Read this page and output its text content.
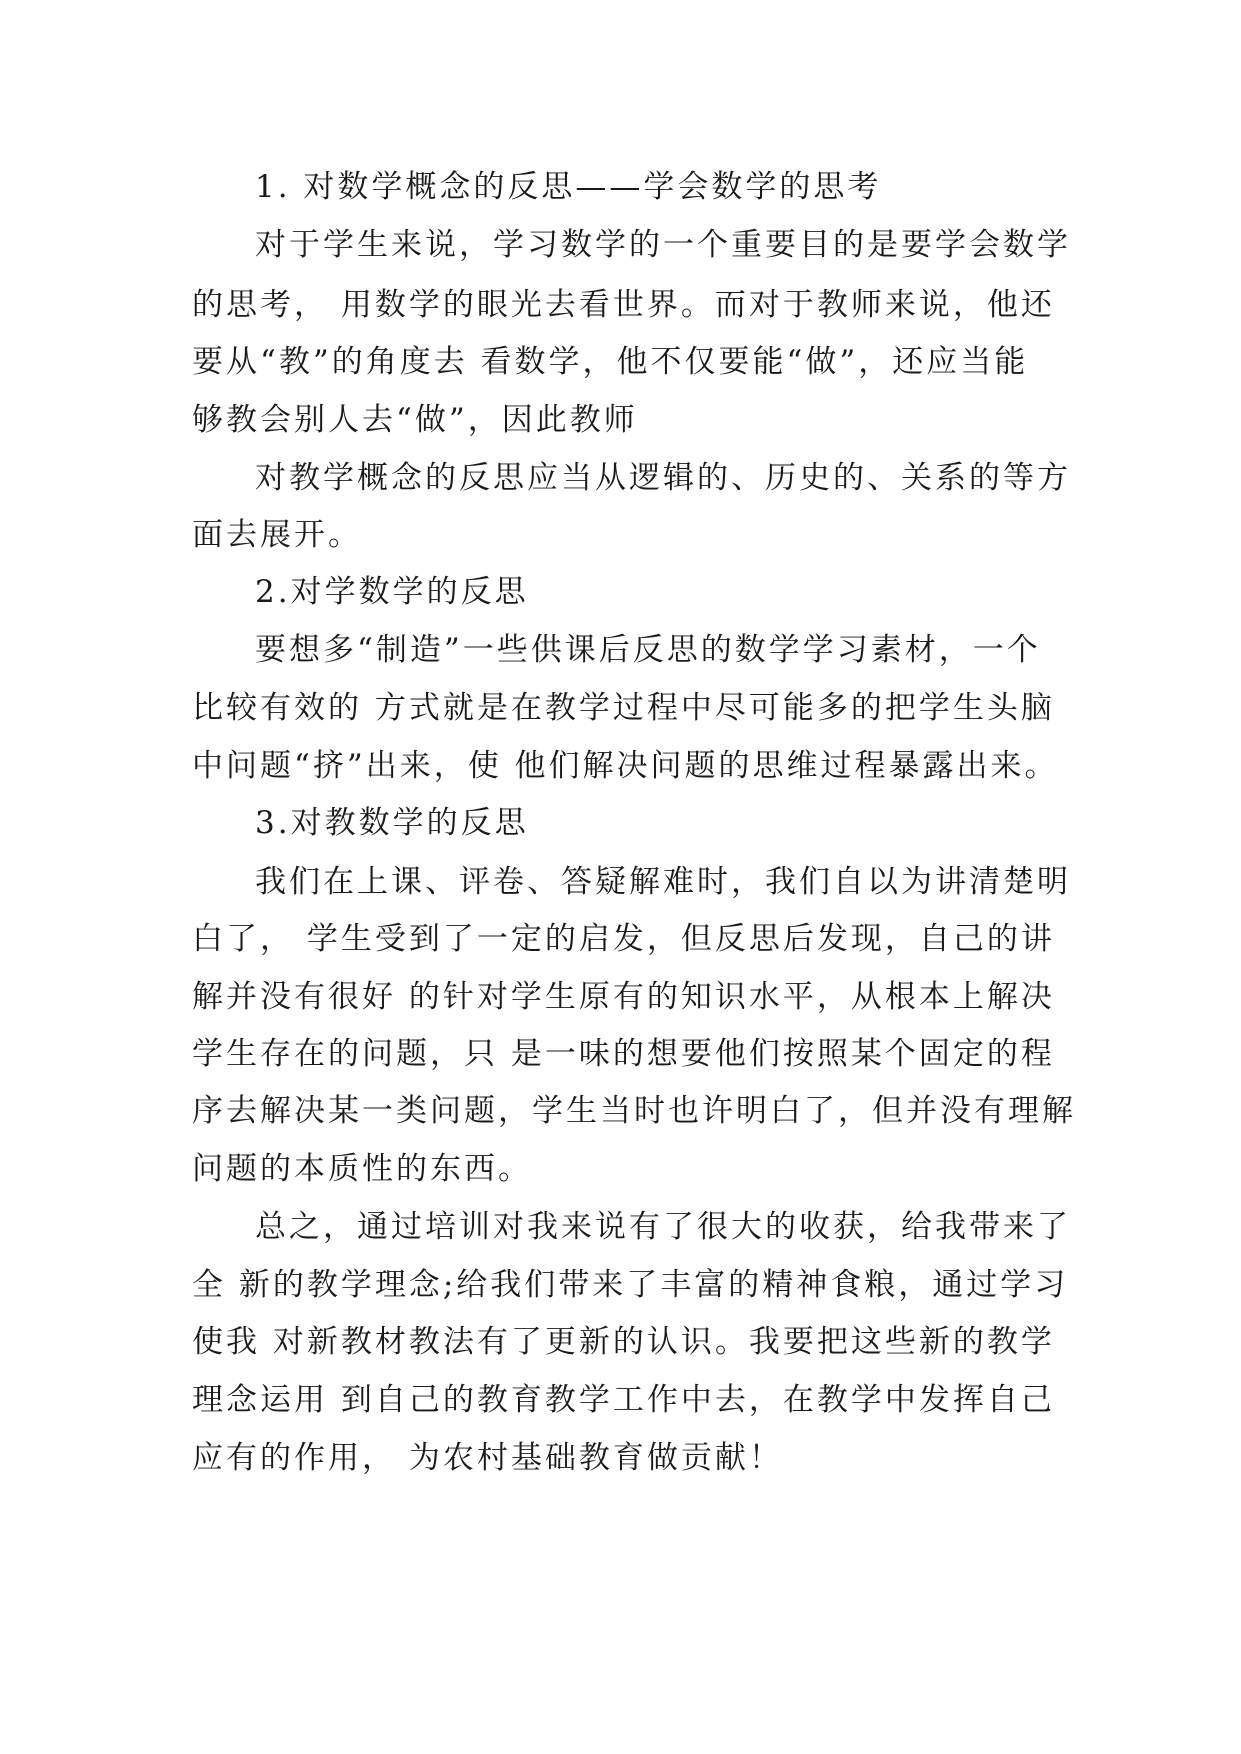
1. 对数学概念的反思——学会数学的思考
对于学生来说，学习数学的一个重要目的是要学会数学
的思考， 用数学的眼光去看世界。而对于教师来说，他还
要从“教”的角度去 看数学，他不仅要能“做”，还应当能
够教会别人去“做”，因此教师
对教学概念的反思应当从逻辑的、历史的、关系的等方
面去展开。
2.对学数学的反思
要想多“制造”一些供课后反思的数学学习素材，一个
比较有效的 方式就是在教学过程中尽可能多的把学生头脑
中问题“挤”出来，使 他们解决问题的思维过程暴露出来。
3.对教数学的反思
我们在上课、评卷、答疑解难时，我们自以为讲清楚明
白了， 学生受到了一定的启发，但反思后发现，自己的讲
解并没有很好 的针对学生原有的知识水平，从根本上解决
学生存在的问题，只 是一味的想要他们按照某个固定的程
序去解决某一类问题，学生当时也许明白了，但并没有理解
问题的本质性的东西。
总之，通过培训对我来说有了很大的收获，给我带来了
全 新的教学理念;给我们带来了丰富的精神食粮，通过学习
使我 对新教材教法有了更新的认识。我要把这些新的教学
理念运用 到自己的教育教学工作中去，在教学中发挥自己
应有的作用， 为农村基础教育做贡献！
